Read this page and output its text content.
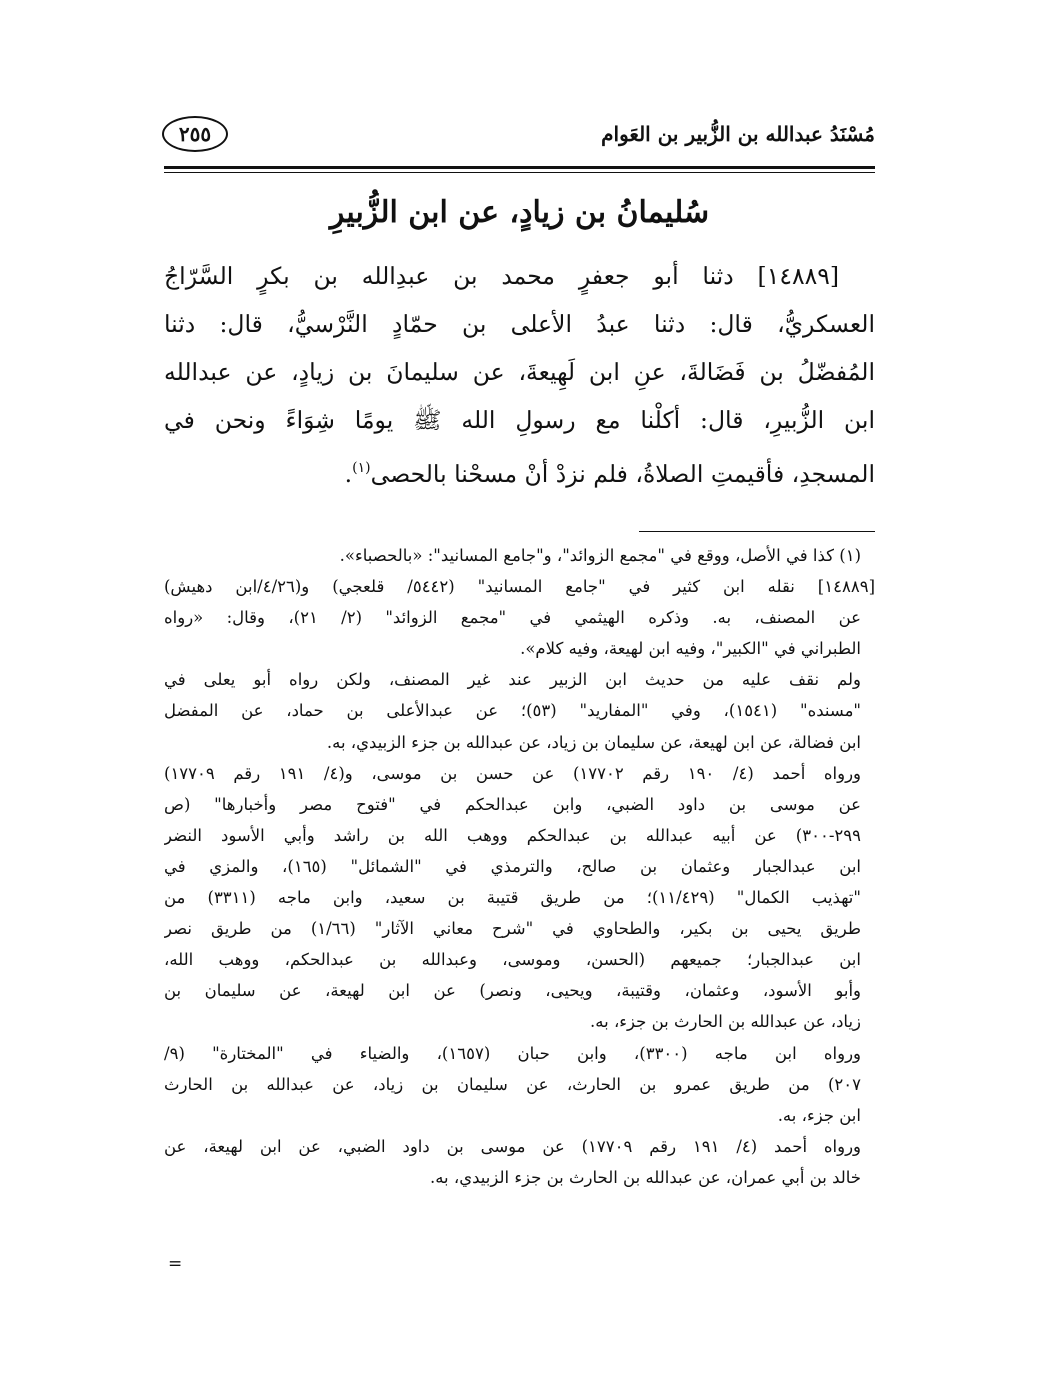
مُسْنَدُ عبدالله بن الزُّبير بن العَوام
٢٥٥
سُليمانُ بن زيادٍ، عن ابن الزُّبيرِ
[١٤٨٨٩] دثنا أبو جعفرٍ محمد بن عبدِالله بن بكرٍ السَّرّاجُ
العسكريُّ، قال: دثنا عبدُ الأعلى بن حمّادٍ النَّرْسيُّ، قال: دثنا
المُفضّلُ بن فَضَالةَ، عنِ ابن لَهِيعةَ، عن سليمانَ بن زيادٍ، عن عبدالله
ابن الزُّبيرِ، قال: أكلْنا مع رسولِ الله ﷺ يومًا شِوَاءً ونحن في
المسجدِ، فأقيمتِ الصلاةُ، فلم نزدْ أنْ مسحْنا بالحصى$^{(١)}$.
(١) كذا في الأصل، ووقع في "مجمع الزوائد"، و"جامع المسانيد": «بالحصباء».
[١٤٨٨٩] نقله ابن كثير في "جامع المسانيد" (٥٤٤٢/ قلعجي) و(٤/٢٦/ابن دهيش)
عن المصنف، به. وذكره الهيثمي في "مجمع الزوائد" (٢/ ٢١)، وقال: «رواه
الطبراني في "الكبير"، وفيه ابن لهيعة، وفيه كلام».
ولم نقف عليه من حديث ابن الزبير عند غير المصنف، ولكن رواه أبو يعلى في
"مسنده" (١٥٤١)، وفي "المفاريد" (٥٣)؛ عن عبدالأعلى بن حماد، عن المفضل
ابن فضالة، عن ابن لهيعة، عن سليمان بن زياد، عن عبدالله بن جزء الزبيدي، به.
ورواه أحمد (٤/ ١٩٠ رقم ١٧٧٠٢) عن حسن بن موسى، و(٤/ ١٩١ رقم ١٧٧٠٩)
عن موسى بن داود الضبي، وابن عبدالحكم في "فتوح مصر وأخبارها" (ص
٢٩٩-٣٠٠) عن أبيه عبدالله بن عبدالحكم ووهب الله بن راشد وأبي الأسود النضر
ابن عبدالجبار وعثمان بن صالح، والترمذي في "الشمائل" (١٦٥)، والمزي في
"تهذيب الكمال" (١١/٤٢٩)؛ من طريق قتيبة بن سعيد، وابن ماجه (٣٣١١) من
طريق يحيى بن بكير، والطحاوي في "شرح معاني الآثار" (١/٦٦) من طريق نصر
ابن عبدالجبار؛ جميعهم (الحسن، وموسى، وعبدالله بن عبدالحكم، ووهب الله،
وأبو الأسود، وعثمان، وقتيبة، ويحيى، ونصر) عن ابن لهيعة، عن سليمان بن
زياد، عن عبدالله بن الحارث بن جزء، به.
ورواه ابن ماجه (٣٣٠٠)، وابن حبان (١٦٥٧)، والضياء في "المختارة" (٩/
٢٠٧) من طريق عمرو بن الحارث، عن سليمان بن زياد، عن عبدالله بن الحارث
ابن جزء، به.
ورواه أحمد (٤/ ١٩١ رقم ١٧٧٠٩) عن موسى بن داود الضبي، عن ابن لهيعة، عن
خالد بن أبي عمران، عن عبدالله بن الحارث بن جزء الزبيدي، به.
=
